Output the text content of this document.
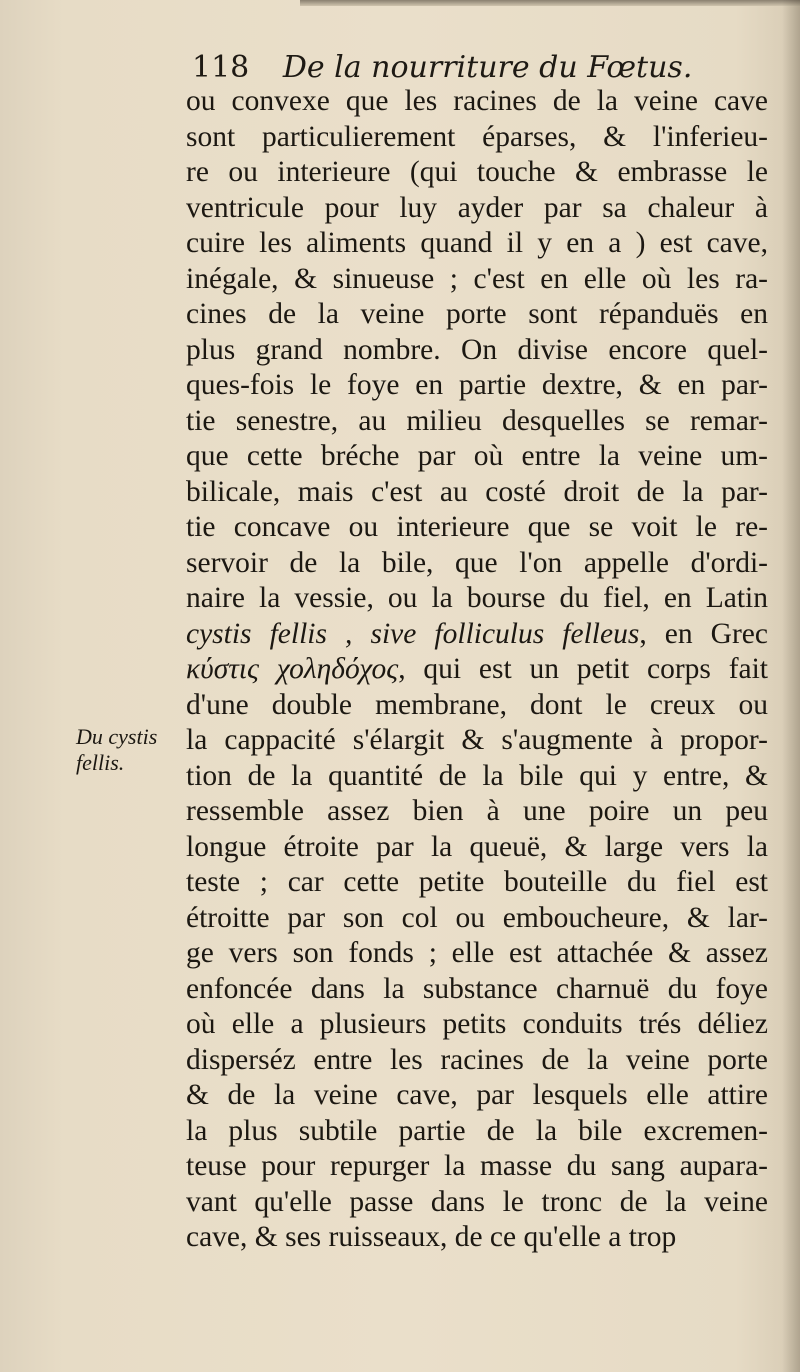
118 De la nourriture du Fœtus.
Du cystis
fellis.
ou convexe que les racines de la veine cave
sont particulierement éparses, & l'inferieu-
re ou interieure (qui touche & embrasse le
ventricule pour luy ayder par sa chaleur à
cuire les aliments quand il y en a ) est cave,
inégale, & sinueuse ; c'est en elle où les ra-
cines de la veine porte sont répanduës en
plus grand nombre. On divise encore quel-
ques-fois le foye en partie dextre, & en par-
tie senestre, au milieu desquelles se remar-
que cette bréche par où entre la veine um-
bilicale, mais c'est au costé droit de la par-
tie concave ou interieure que se voit le re-
servoir de la bile, que l'on appelle d'ordi-
naire la vessie, ou la bourse du fiel, en Latin
cystis fellis , sive folliculus felleus, en Grec
κύστις χοληδόχος, qui est un petit corps fait
d'une double membrane, dont le creux ou
la cappacité s'élargit & s'augmente à propor-
tion de la quantité de la bile qui y entre, &
ressemble assez bien à une poire un peu
longue étroite par la queuë, & large vers la
teste ; car cette petite bouteille du fiel est
étroitte par son col ou emboucheure, & lar-
ge vers son fonds ; elle est attachée & assez
enfoncée dans la substance charnuë du foye
où elle a plusieurs petits conduits trés déliez
disperséz entre les racines de la veine porte
& de la veine cave, par lesquels elle attire
la plus subtile partie de la bile excremen-
teuse pour repurger la masse du sang aupara-
vant qu'elle passe dans le tronc de la veine
cave, & ses ruisseaux, de ce qu'elle a trop
